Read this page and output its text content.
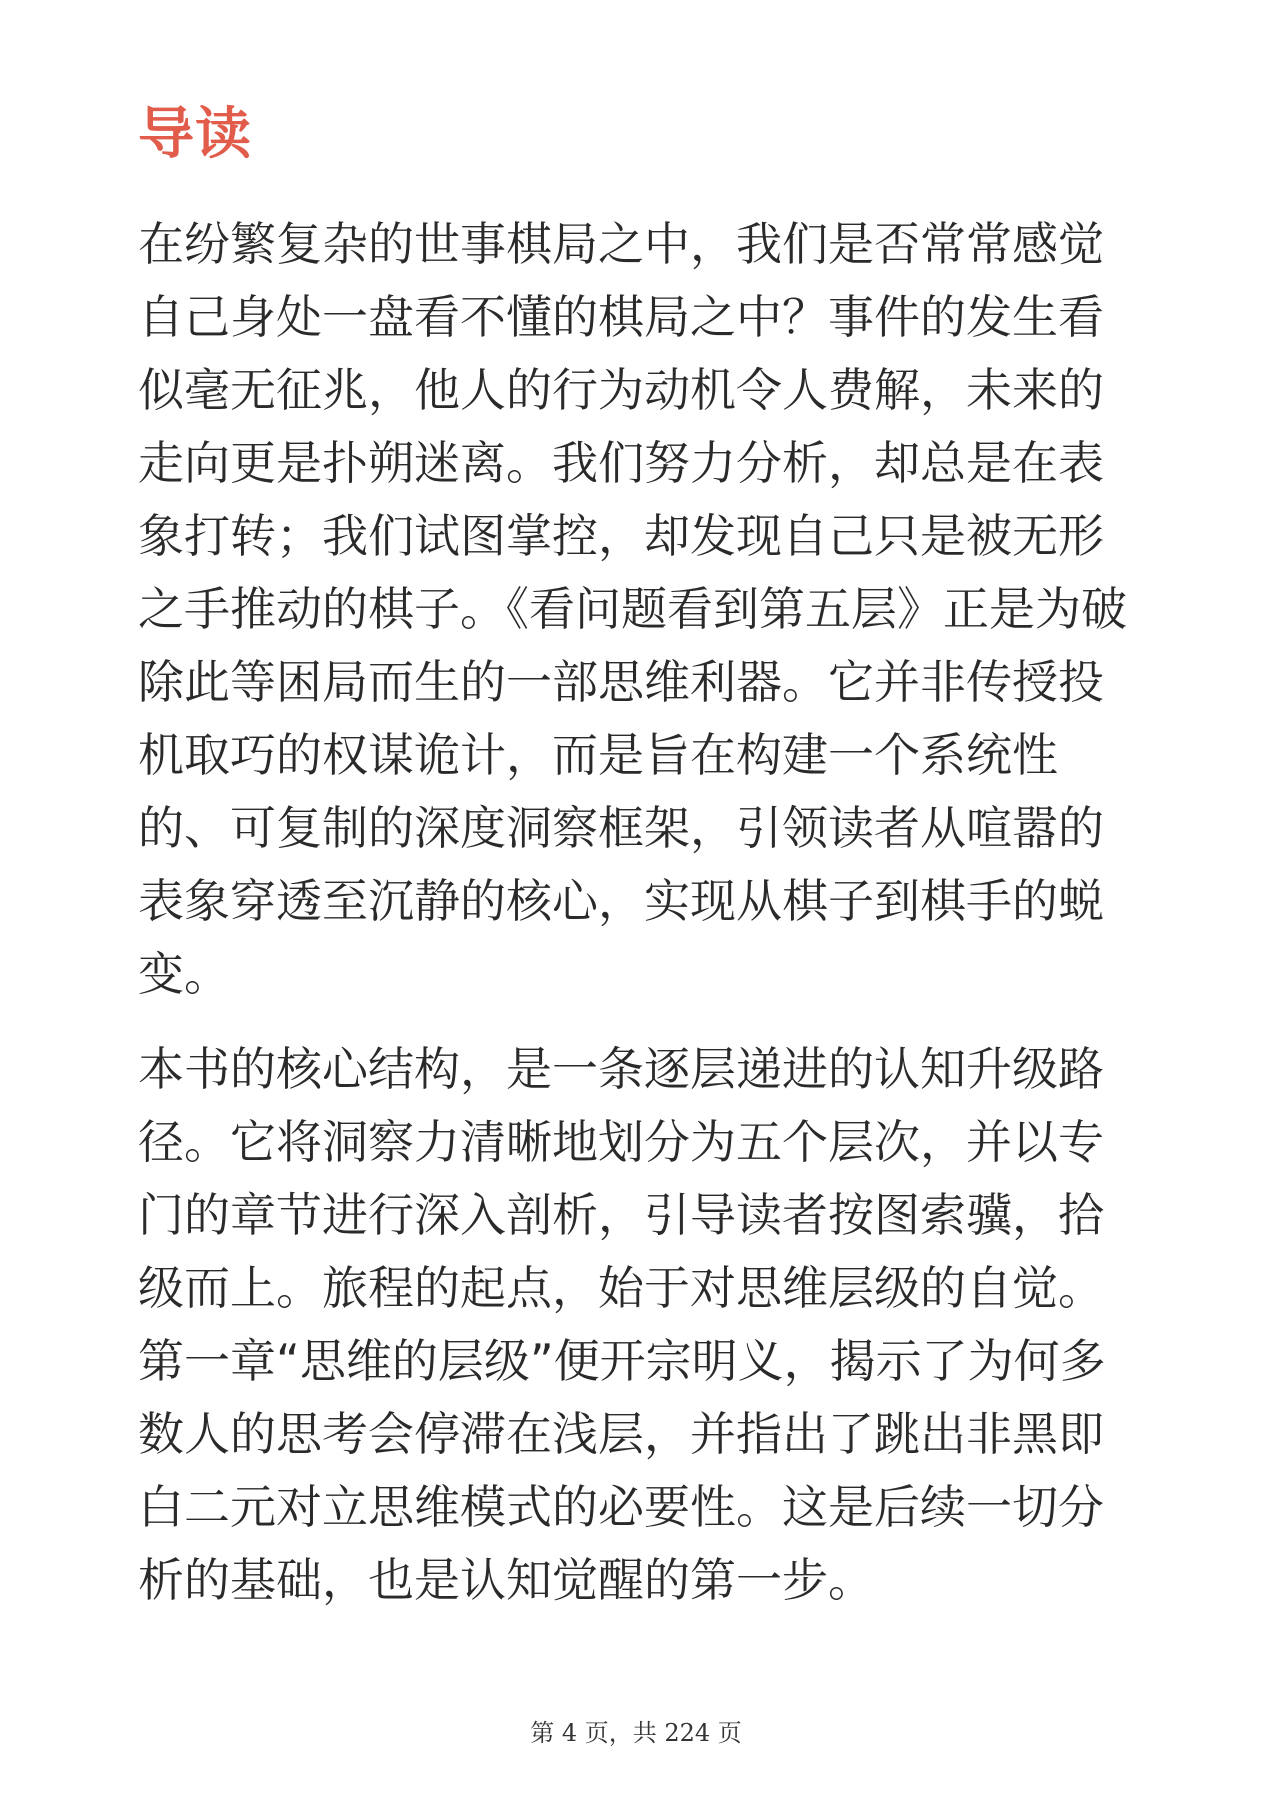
导读

在纷繁复杂的世事棋局之中，我们是否常常感觉自己身处一盘看不懂的棋局之中？事件的发生看似毫无征兆，他人的行为动机令人费解，未来的走向更是扑朔迷离。我们努力分析，却总是在表象打转；我们试图掌控，却发现自己只是被无形之手推动的棋子。《看问题看到第五层》正是为破除此等困局而生的一部思维利器。它并非传授投机取巧的权谋诡计，而是旨在构建一个系统性的、可复制的深度洞察框架，引领读者从喧嚣的表象穿透至沉静的核心，实现从棋子到棋手的蜕变。

本书的核心结构，是一条逐层递进的认知升级路径。它将洞察力清晰地划分为五个层次，并以专门的章节进行深入剖析，引导读者按图索骥，拾级而上。旅程的起点，始于对思维层级的自觉。第一章“思维的层级”便开宗明义，揭示了为何多数人的思考会停滞在浅层，并指出了跳出非黑即白二元对立思维模式的必要性。这是后续一切分析的基础，也是认知觉醒的第一步。

第 4 页，共 224 页
